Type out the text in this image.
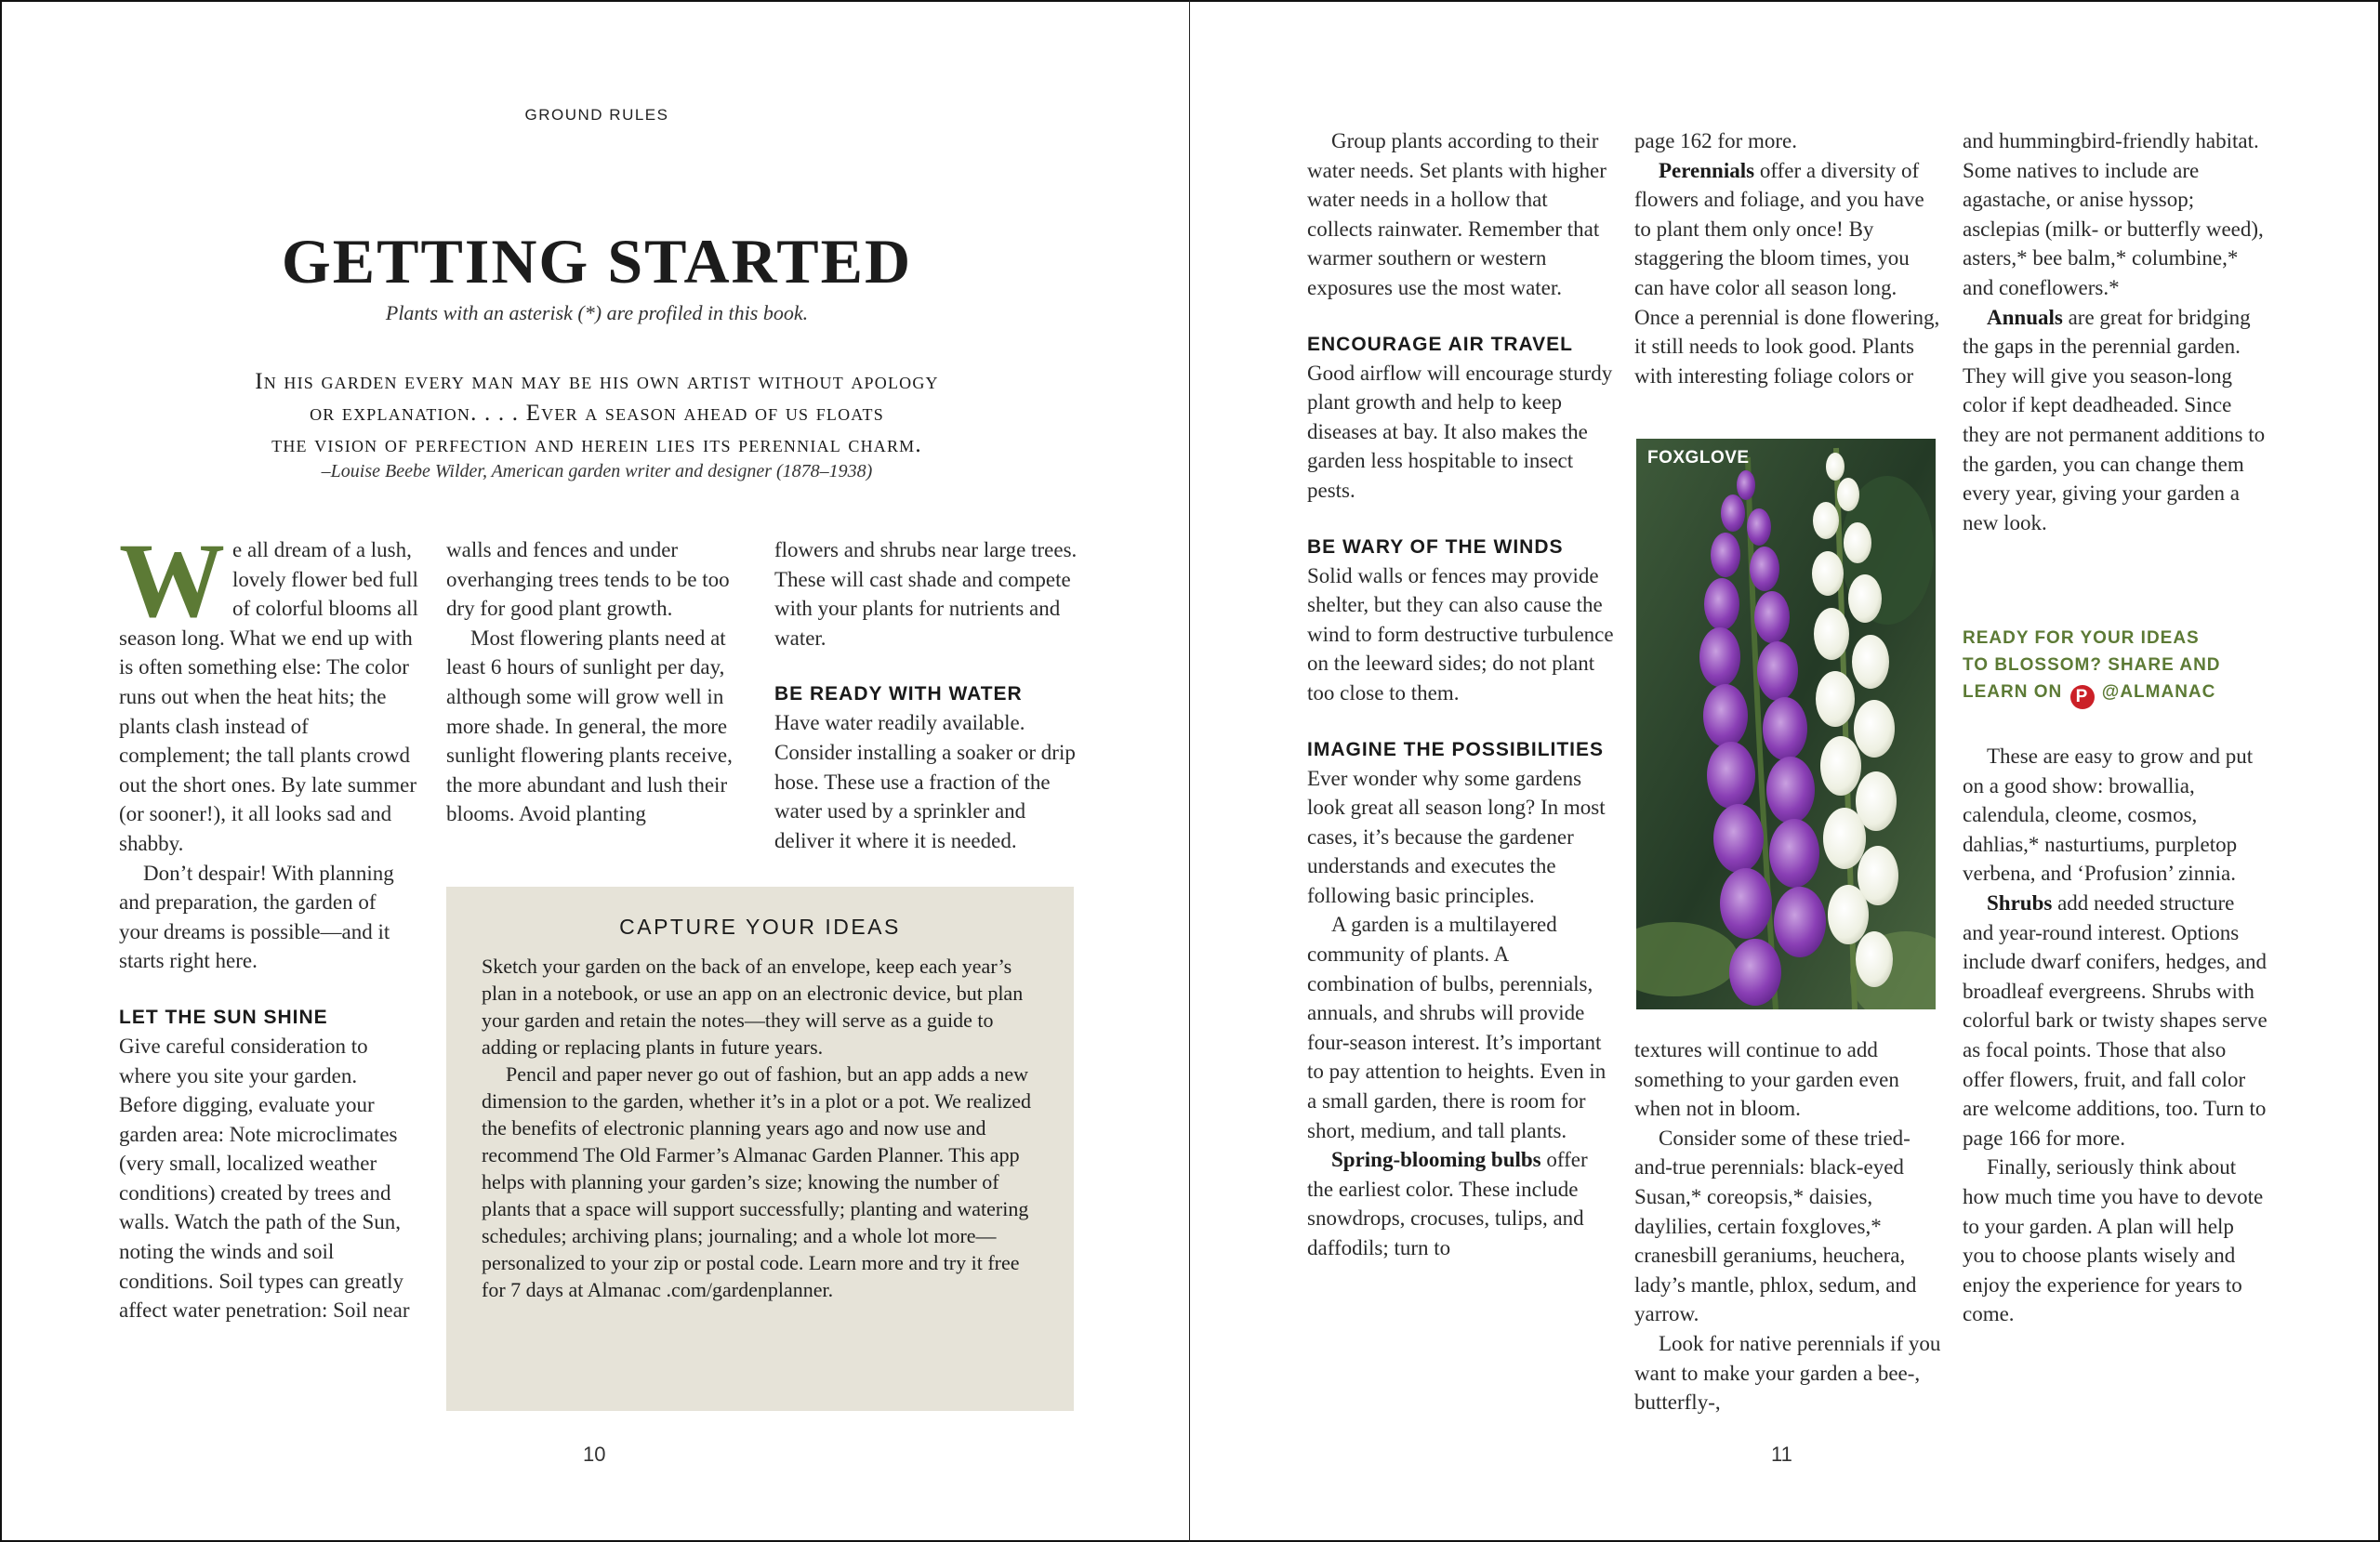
GROUND RULES
GETTING STARTED
Plants with an asterisk (*) are profiled in this book.
In his garden every man may be his own artist without apology
or explanation. . . . Ever a season ahead of us floats
the vision of perfection and herein lies its perennial charm.
–Louise Beebe Wilder, American garden writer and designer (1878–1938)

We all dream of a lush, lovely flower bed full of colorful blooms all season long. What we end up with is often something else: The color runs out when the heat hits; the plants clash instead of complement; the tall plants crowd out the short ones. By late summer (or sooner!), it all looks sad and shabby.

Don’t despair! With planning and preparation, the garden of your dreams is possible—and it starts right here.

LET THE SUN SHINE

Give careful consideration to where you site your garden. Before digging, evaluate your garden area: Note microclimates (very small, localized weather conditions) created by trees and walls. Watch the path of the Sun, noting the winds and soil conditions. Soil types can greatly affect water penetration: Soil near

walls and fences and under overhanging trees tends to be too dry for good plant growth.

Most flowering plants need at least 6 hours of sunlight per day, although some will grow well in more shade. In general, the more sunlight flowering plants receive, the more abundant and lush their blooms. Avoid planting

flowers and shrubs near large trees. These will cast shade and compete with your plants for nutrients and water.

BE READY WITH WATER

Have water readily available. Consider installing a soaker or drip hose. These use a fraction of the water used by a sprinkler and deliver it where it is needed.

CAPTURE YOUR IDEAS

Sketch your garden on the back of an envelope, keep each year’s plan in a notebook, or use an app on an electronic device, but plan your garden and retain the notes—they will serve as a guide to adding or replacing plants in future years.

Pencil and paper never go out of fashion, but an app adds a new dimension to the garden, whether it’s in a plot or a pot. We realized the benefits of electronic planning years ago and now use and recommend The Old Farmer’s Almanac Garden Planner. This app helps with planning your garden’s size; knowing the number of plants that a space will support successfully; planting and watering schedules; archiving plans; journaling; and a whole lot more—personalized to your zip or postal code. Learn more and try it free for 7 days at Almanac .com/gardenplanner.

10

Group plants according to their water needs. Set plants with higher water needs in a hollow that collects rainwater. Remember that warmer southern or western exposures use the most water.

ENCOURAGE AIR TRAVEL

Good airflow will encourage sturdy plant growth and help to keep diseases at bay. It also makes the garden less hospitable to insect pests.

BE WARY OF THE WINDS

Solid walls or fences may provide shelter, but they can also cause the wind to form destructive turbulence on the leeward sides; do not plant too close to them.

IMAGINE THE POSSIBILITIES

Ever wonder why some gardens look great all season long? In most cases, it’s because the gardener understands and executes the following basic principles.

A garden is a multilayered community of plants. A combination of bulbs, perennials, annuals, and shrubs will provide four-season interest. It’s important to pay attention to heights. Even in a small garden, there is room for short, medium, and tall plants.

Spring-blooming bulbs offer the earliest color. These include snowdrops, crocuses, tulips, and daffodils; turn to

page 162 for more.

Perennials offer a diversity of flowers and foliage, and you have to plant them only once! By staggering the bloom times, you can have color all season long. Once a perennial is done flowering, it still needs to look good. Plants with interesting foliage colors or

textures will continue to add something to your garden even when not in bloom.

Consider some of these tried-and-true perennials: black-eyed Susan,* coreopsis,* daisies, daylilies, certain foxgloves,* cranesbill geraniums, heuchera, lady’s mantle, phlox, sedum, and yarrow.

Look for native perennials if you want to make your garden a bee-, butterfly-,

and hummingbird-friendly habitat. Some natives to include are agastache, or anise hyssop; asclepias (milk- or butterfly weed), asters,* bee balm,* columbine,* and coneflowers.*

Annuals are great for bridging the gaps in the perennial garden. They will give you season-long color if kept deadheaded. Since they are not permanent additions to the garden, you can change them every year, giving your garden a new look.

These are easy to grow and put on a good show: browallia, calendula, cleome, cosmos, dahlias,* nasturtiums, purpletop verbena, and ‘Profusion’ zinnia.

Shrubs add needed structure and year-round interest. Options include dwarf conifers, hedges, and broadleaf evergreens. Shrubs with colorful bark or twisty shapes serve as focal points. Those that also offer flowers, fruit, and fall color are welcome additions, too. Turn to page 166 for more.

Finally, seriously think about how much time you have to devote to your garden. A plan will help you to choose plants wisely and enjoy the experience for years to come.

11
FOXGLOVE
READY FOR YOUR IDEAS
TO BLOSSOM? SHARE AND
LEARN ON P @ALMANAC
